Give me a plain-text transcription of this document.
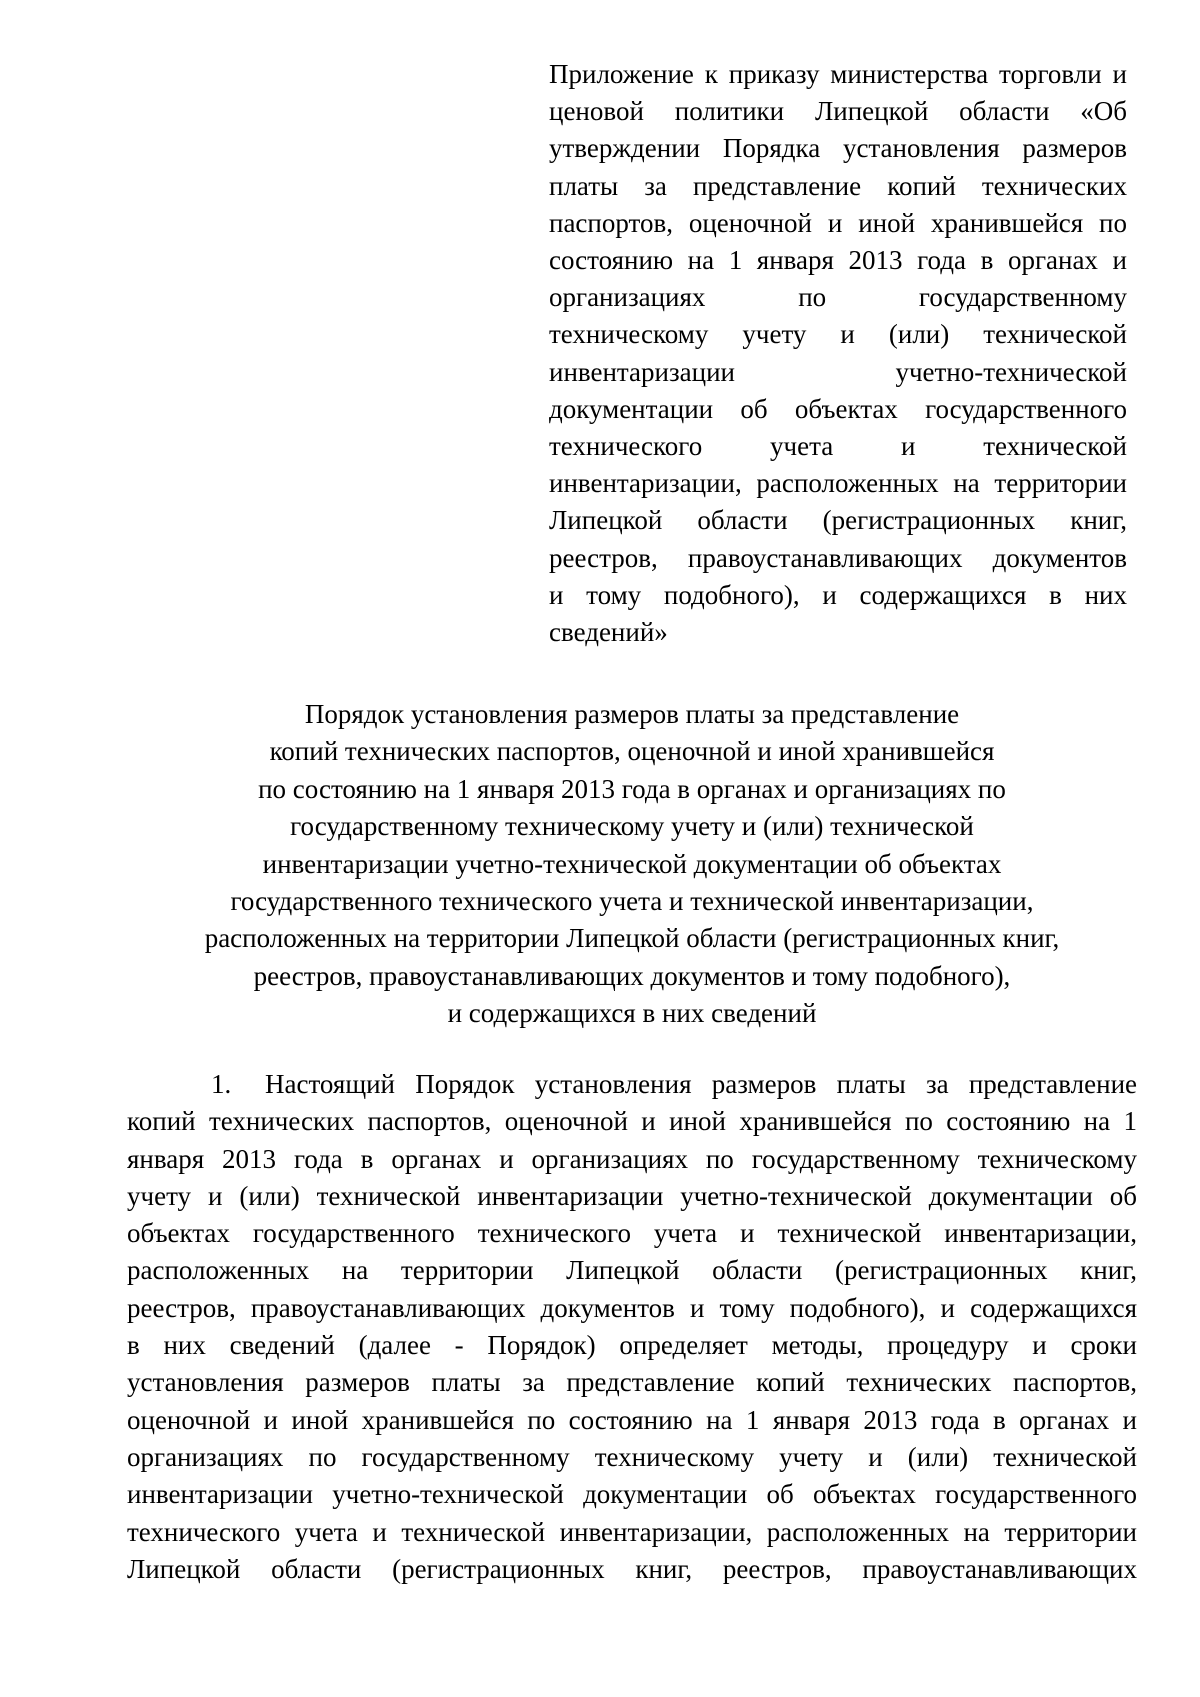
Приложение к приказу министерства торговли и
ценовой политики Липецкой области «Об
утверждении Порядка установления размеров
платы за представление копий технических
паспортов, оценочной и иной хранившейся по
состоянию на 1 января 2013 года в органах и
организациях по государственному
техническому учету и (или) технической
инвентаризации учетно-технической
документации об объектах государственного
технического учета и технической
инвентаризации, расположенных на территории
Липецкой области (регистрационных книг,
реестров, правоустанавливающих документов
и тому подобного), и содержащихся в них
сведений»
Порядок установления размеров платы за представление
копий технических паспортов, оценочной и иной хранившейся
по состоянию на 1 января 2013 года в органах и организациях по
государственному техническому учету и (или) технической
инвентаризации учетно-технической документации об объектах
государственного технического учета и технической инвентаризации,
расположенных на территории Липецкой области (регистрационных книг,
реестров, правоустанавливающих документов и тому подобного),
и содержащихся в них сведений
1. Настоящий Порядок установления размеров платы за представление
копий технических паспортов, оценочной и иной хранившейся по состоянию на 1
января 2013 года в органах и организациях по государственному техническому
учету и (или) технической инвентаризации учетно-технической документации об
объектах государственного технического учета и технической инвентаризации,
расположенных на территории Липецкой области (регистрационных книг,
реестров, правоустанавливающих документов и тому подобного), и содержащихся
в них сведений (далее - Порядок) определяет методы, процедуру и сроки
установления размеров платы за представление копий технических паспортов,
оценочной и иной хранившейся по состоянию на 1 января 2013 года в органах и
организациях по государственному техническому учету и (или) технической
инвентаризации учетно-технической документации об объектах государственного
технического учета и технической инвентаризации, расположенных на территории
Липецкой области (регистрационных книг, реестров, правоустанавливающих
